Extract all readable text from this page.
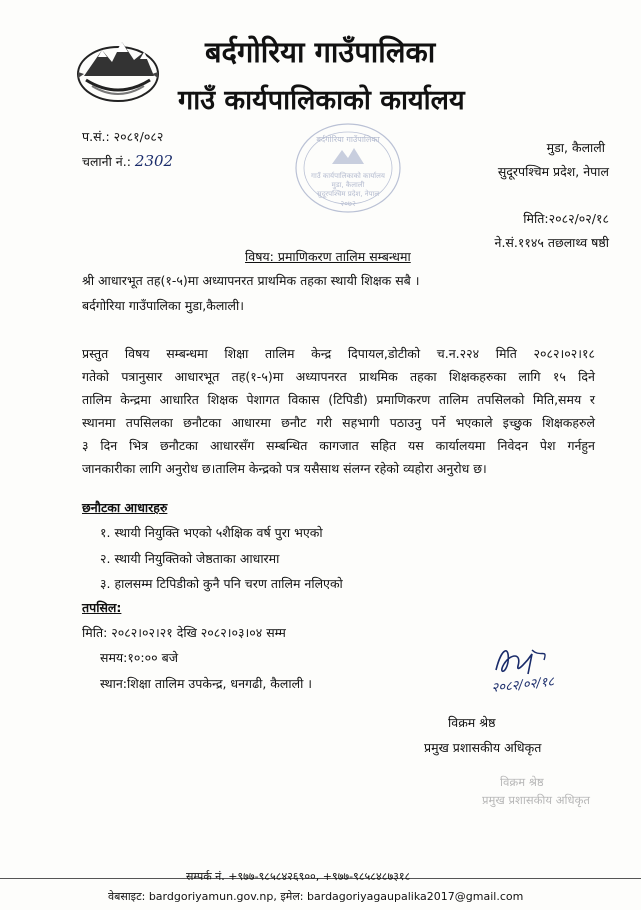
बर्दगोरिया गाउँपालिका
गाउँ कार्यपालिकाको कार्यालय
प.सं.: २०८१/०८२
चलानी नं.: 2302
बर्दगोरिया गाउँपालिका
गाउँ कार्यपालिकाको कार्यालय
मुडा, कैलाली
सुदूरपश्चिम प्रदेश, नेपाल
२०७२
मुडा, कैलाली
सुदूरपश्चिम प्रदेश, नेपाल
मिति:२०८२/०२/१८
ने.सं.११४५ तछलाथ्व षष्ठी
विषय: प्रमाणिकरण तालिम सम्बन्धमा
श्री आधारभूत तह(१-५)मा अध्यापनरत प्राथमिक तहका स्थायी शिक्षक सबै ।
बर्दगोरिया गाउँपालिका मुडा,कैलाली।
प्रस्तुत विषय सम्बन्धमा शिक्षा तालिम केन्द्र दिपायल,डोटीको च.न.२२४ मिति २०८२।०२।१८
गतेको पत्रानुसार आधारभूत तह(१-५)मा अध्यापनरत प्राथमिक तहका शिक्षकहरुका लागि १५ दिने
तालिम केन्द्रमा आधारित शिक्षक पेशागत विकास (टिपिडी) प्रमाणिकरण तालिम तपसिलको मिति,समय र
स्थानमा तपसिलका छनौटका आधारमा छनौट गरी सहभागी पठाउनु पर्ने भएकाले इच्छुक शिक्षकहरुले
३ दिन भित्र छनौटका आधारसँग सम्बन्धित कागजात सहित यस कार्यालयमा निवेदन पेश गर्नहुन
जानकारीका लागि अनुरोध छ।तालिम केन्द्रको पत्र यसैसाथ संलग्न रहेको व्यहोरा अनुरोध छ।
छनौटका आधारहरु
१. स्थायी नियुक्ति भएको ५शैक्षिक वर्ष पुरा भएको
२. स्थायी नियुक्तिको जेष्ठताका आधारमा
३. हालसम्म टिपिडीको कुनै पनि चरण तालिम नलिएको
तपसिल:
मिति: २०८२।०२।२१ देखि २०८२।०३।०४ सम्म
समय:१०:०० बजे
स्थान:शिक्षा तालिम उपकेन्द्र, धनगढी, कैलाली ।	२०८२/०२/१८
विक्रम श्रेष्ठ
प्रमुख प्रशासकीय अधिकृत
विक्रम श्रेष्ठ
प्रमुख प्रशासकीय अधिकृत
सम्पर्क नं. +९७७-९८५८४२६९००, +९७७-९८५८४८७३१८
वेबसाइट: bardgoriyamun.gov.np, इमेल: bardagoriyagaupalika2017@gmail.com
